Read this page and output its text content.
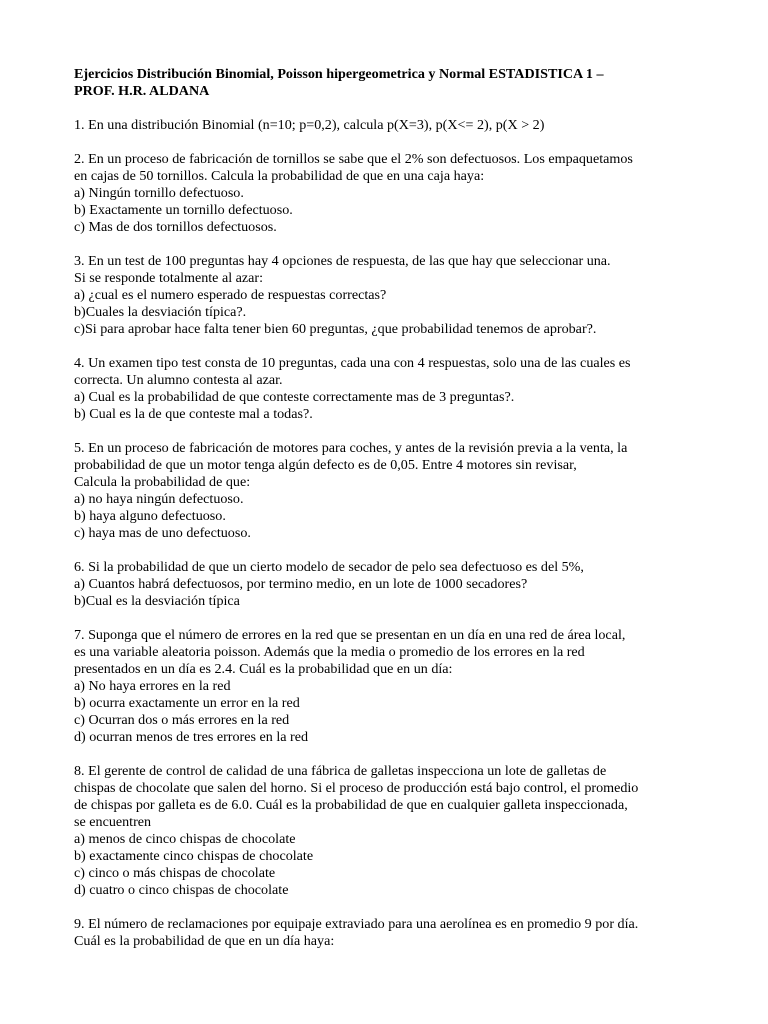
Ejercicios Distribución Binomial, Poisson hipergeometrica y Normal ESTADISTICA 1 –
PROF. H.R. ALDANA
1. En una distribución Binomial (n=10; p=0,2), calcula p(X=3), p(X<= 2), p(X > 2)
2. En un proceso de fabricación de tornillos se sabe que el 2% son defectuosos. Los empaquetamos
en cajas de 50 tornillos. Calcula la probabilidad de que en una caja haya:
a) Ningún tornillo defectuoso.
b) Exactamente un tornillo defectuoso.
c) Mas de dos tornillos defectuosos.
3. En un test de 100 preguntas hay 4 opciones de respuesta, de las que hay que seleccionar una.
Si se responde totalmente al azar:
a) ¿cual es el numero esperado de respuestas correctas?
b)Cuales la desviación típica?.
c)Si para aprobar hace falta tener bien 60 preguntas, ¿que probabilidad tenemos de aprobar?.
4. Un examen tipo test consta de 10 preguntas, cada una con 4 respuestas, solo una de las cuales es
correcta. Un alumno contesta al azar.
a) Cual es la probabilidad de que conteste correctamente mas de 3 preguntas?.
b) Cual es la de que conteste mal a todas?.
5. En un proceso de fabricación de motores para coches, y antes de la revisión previa a la venta, la
probabilidad de que un motor tenga algún defecto es de 0,05. Entre 4 motores sin revisar,
Calcula la probabilidad de que:
a) no haya ningún defectuoso.
b) haya alguno defectuoso.
c) haya mas de uno defectuoso.
6. Si la probabilidad de que un cierto modelo de secador de pelo sea defectuoso es del 5%,
a) Cuantos habrá defectuosos, por termino medio, en un lote de 1000 secadores?
b)Cual es la desviación típica
7. Suponga que el número de errores en la red que se presentan en un día en una red de área local,
es una variable aleatoria poisson. Además que la media o promedio de los errores en la red
presentados en un día es 2.4. Cuál es la probabilidad que en un día:
a) No haya errores en la red
b) ocurra exactamente un error en la red
c) Ocurran dos o más errores en la red
d) ocurran menos de tres errores en la red
8. El gerente de control de calidad de una fábrica de galletas inspecciona un lote de galletas de
chispas de chocolate que salen del horno. Si el proceso de producción está bajo control, el promedio
de chispas por galleta es de 6.0. Cuál es la probabilidad de que en cualquier galleta inspeccionada,
se encuentren
a) menos de cinco chispas de chocolate
b) exactamente cinco chispas de chocolate
c) cinco o más chispas de chocolate
d) cuatro o cinco chispas de chocolate
9. El número de reclamaciones por equipaje extraviado para una aerolínea es en promedio 9 por día.
Cuál es la probabilidad de que en un día haya:
